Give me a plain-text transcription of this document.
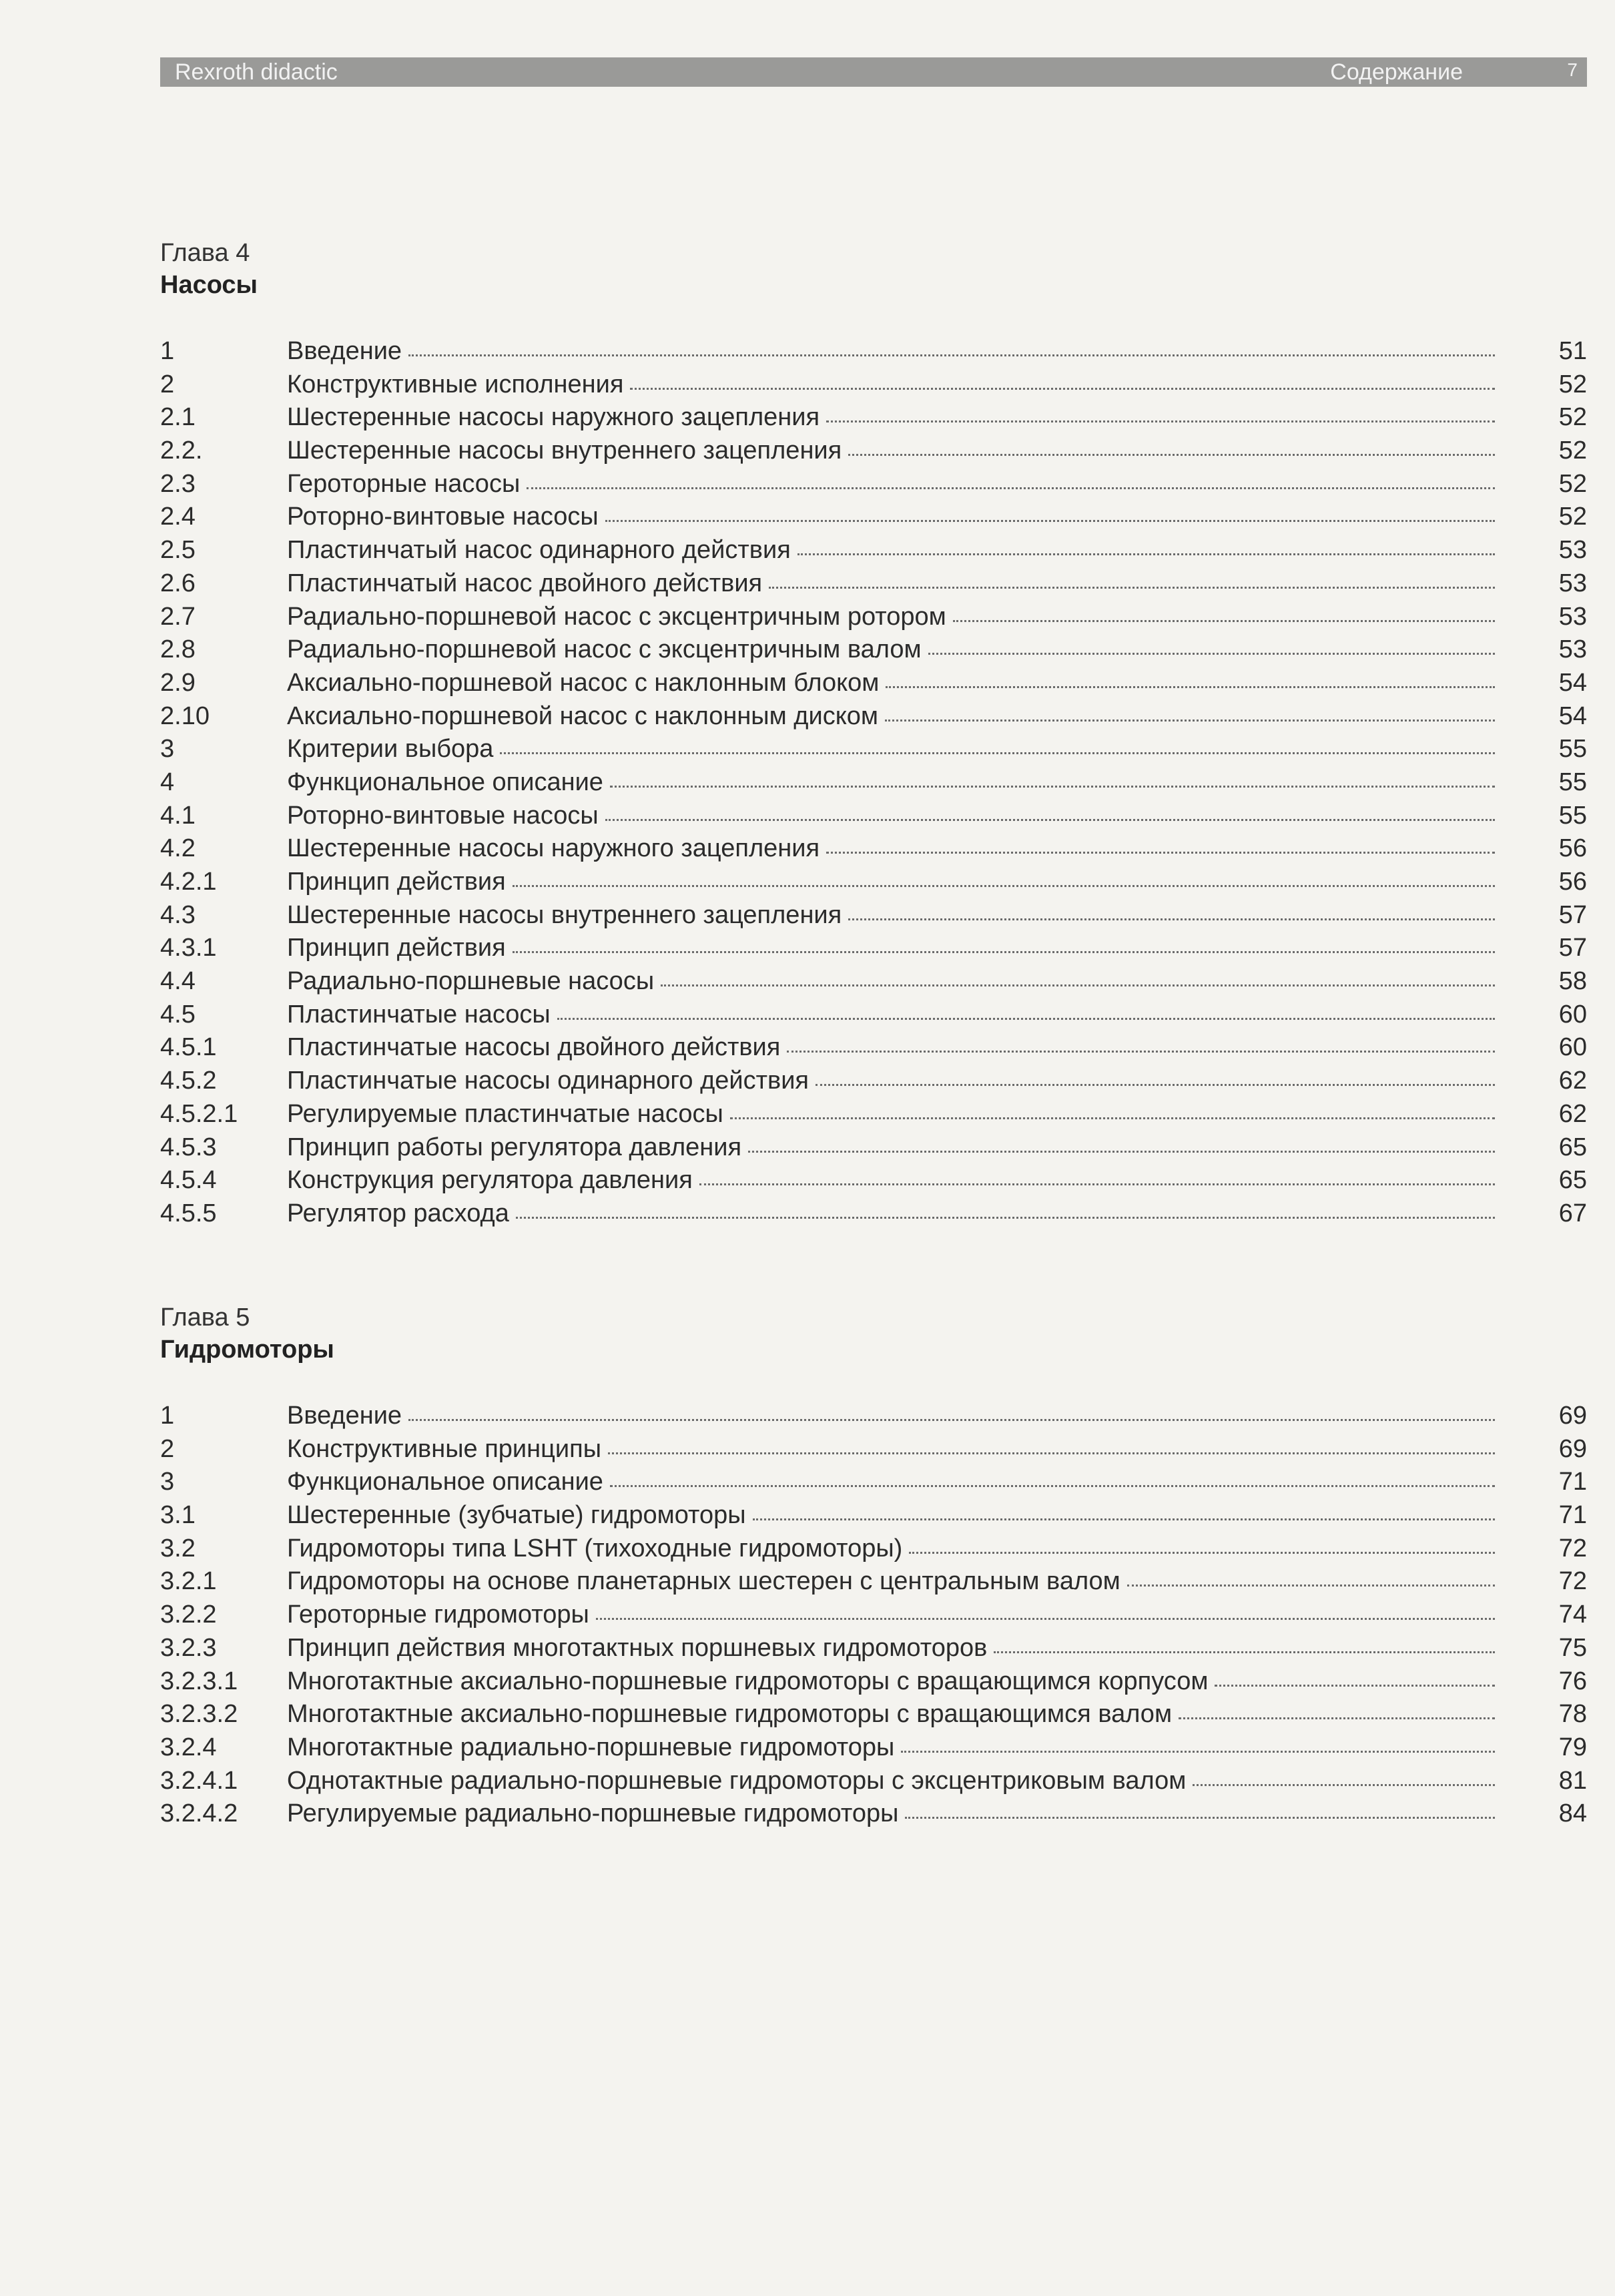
Rexroth didactic	Содержание	7
Глава 4
Насосы
1	Введение	51
2	Конструктивные исполнения	52
2.1	Шестеренные насосы наружного зацепления	52
2.2.	Шестеренные насосы внутреннего зацепления	52
2.3	Геротopные насосы	52
2.4	Роторно-винтовые насосы	52
2.5	Пластинчатый насос одинарного действия	53
2.6	Пластинчатый насос двойного действия	53
2.7	Радиально-поршневой насос с эксцентричным ротором	53
2.8	Радиально-поршневой насос с эксцентричным валом	53
2.9	Аксиально-поршневой насос с наклонным блоком	54
2.10	Аксиально-поршневой насос с наклонным диском	54
3	Критерии выбора	55
4	Функциональное описание	55
4.1	Роторно-винтовые насосы	55
4.2	Шестеренные насосы наружного зацепления	56
4.2.1	Принцип действия	56
4.3	Шестеренные насосы внутреннего зацепления	57
4.3.1	Принцип действия	57
4.4	Радиально-поршневые насосы	58
4.5	Пластинчатые насосы	60
4.5.1	Пластинчатые насосы двойного действия	60
4.5.2	Пластинчатые насосы одинарного действия	62
4.5.2.1 Регулируемые пластинчатые насосы	62
4.5.3	Принцип работы регулятора давления	65
4.5.4	Конструкция регулятора давления	65
4.5.5	Регулятор расхода	67
Глава 5
Гидромоторы
1	Введение	69
2	Конструктивные принципы	69
3	Функциональное описание	71
3.1	Шестеренные (зубчатые) гидромоторы	71
3.2	Гидромоторы типа LSHT (тихоходные гидромоторы)	72
3.2.1	Гидромоторы на основе планетарных шестерен с центральным валом	72
3.2.2	Геротopные гидромоторы	74
3.2.3	Принцип действия многотактных поршневых гидромоторов	75
3.2.3.1 Многотактные аксиально-поршневые гидромоторы с вращающимся корпусом	76
3.2.3.2 Многотактные аксиально-поршневые гидромоторы с вращающимся валом	78
3.2.4	Многотактные радиально-поршневые гидромоторы	79
3.2.4.1 Однотактные радиально-поршневые гидромоторы с эксцентриковым валом	81
3.2.4.2 Регулируемые радиально-поршневые гидромоторы	84
